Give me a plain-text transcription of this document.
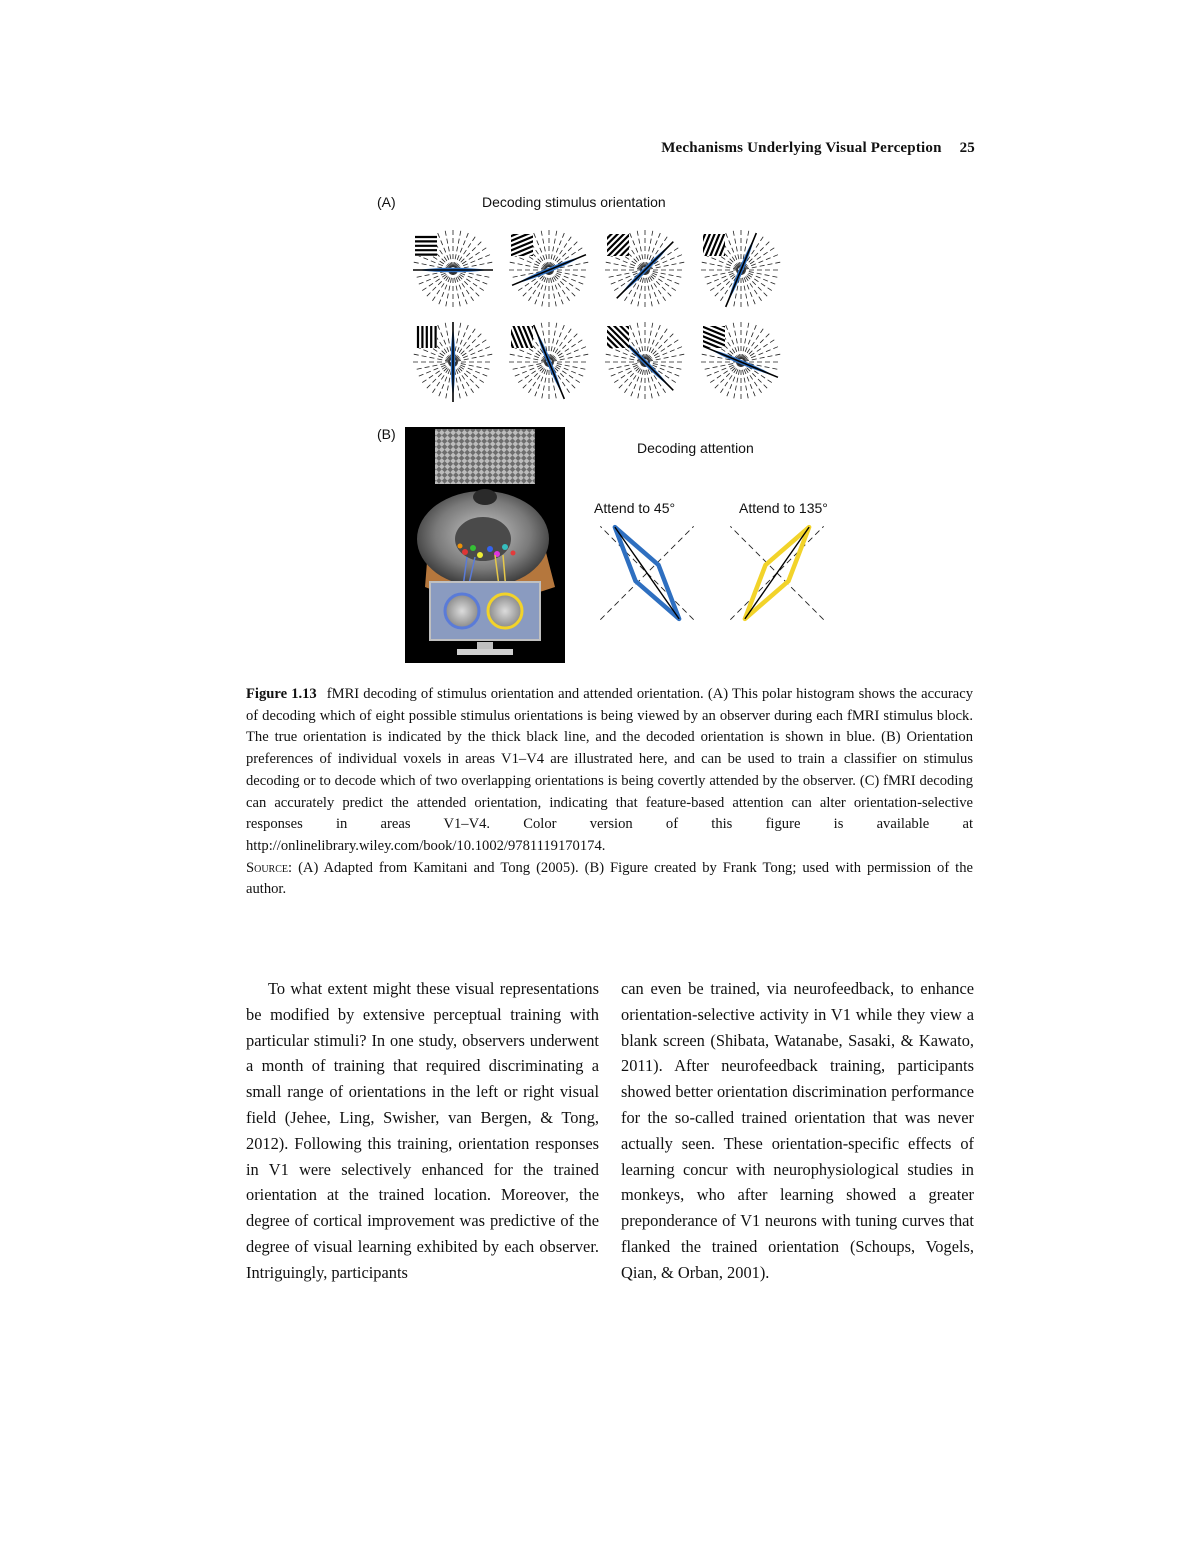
Mechanisms Underlying Visual Perception 25
(A)	Decoding stimulus orientation
(B)
Decoding attention
Attend to 45°	Attend to 135°
Figure 1.13 fMRI decoding of stimulus orientation and attended orientation. (A) This polar histogram shows the accuracy of decoding which of eight possible stimulus orientations is being viewed by an observer during each fMRI stimulus block. The true orientation is indicated by the thick black line, and the decoded orientation is shown in blue. (B) Orientation preferences of individual voxels in areas V1–V4 are illustrated here, and can be used to train a classifier on stimulus decoding or to decode which of two overlapping orientations is being covertly attended by the observer. (C) fMRI decoding can accurately predict the attended orientation, indicating that feature-based attention can alter orientation-selective responses in areas V1–V4. Color version of this figure is available at http://onlinelibrary.wiley.com/book/10.1002/9781119170174.
Source: (A) Adapted from Kamitani and Tong (2005). (B) Figure created by Frank Tong; used with permission of the author.
To what extent might these visual representations be modified by extensive perceptual training with particular stimuli? In one study, observers underwent a month of training that required discriminating a small range of orientations in the left or right visual field (Jehee, Ling, Swisher, van Bergen, & Tong, 2012). Following this training, orientation responses in V1 were selectively enhanced for the trained orientation at the trained location. Moreover, the degree of cortical improvement was predictive of the degree of visual learning exhibited by each observer. Intriguingly, participants
can even be trained, via neurofeedback, to enhance orientation-selective activity in V1 while they view a blank screen (Shibata, Watanabe, Sasaki, & Kawato, 2011). After neurofeedback training, participants showed better orientation discrimination performance for the so-called trained orientation that was never actually seen. These orientation-specific effects of learning concur with neurophysiological studies in monkeys, who after learning showed a greater preponderance of V1 neurons with tuning curves that flanked the trained orientation (Schoups, Vogels, Qian, & Orban, 2001).
